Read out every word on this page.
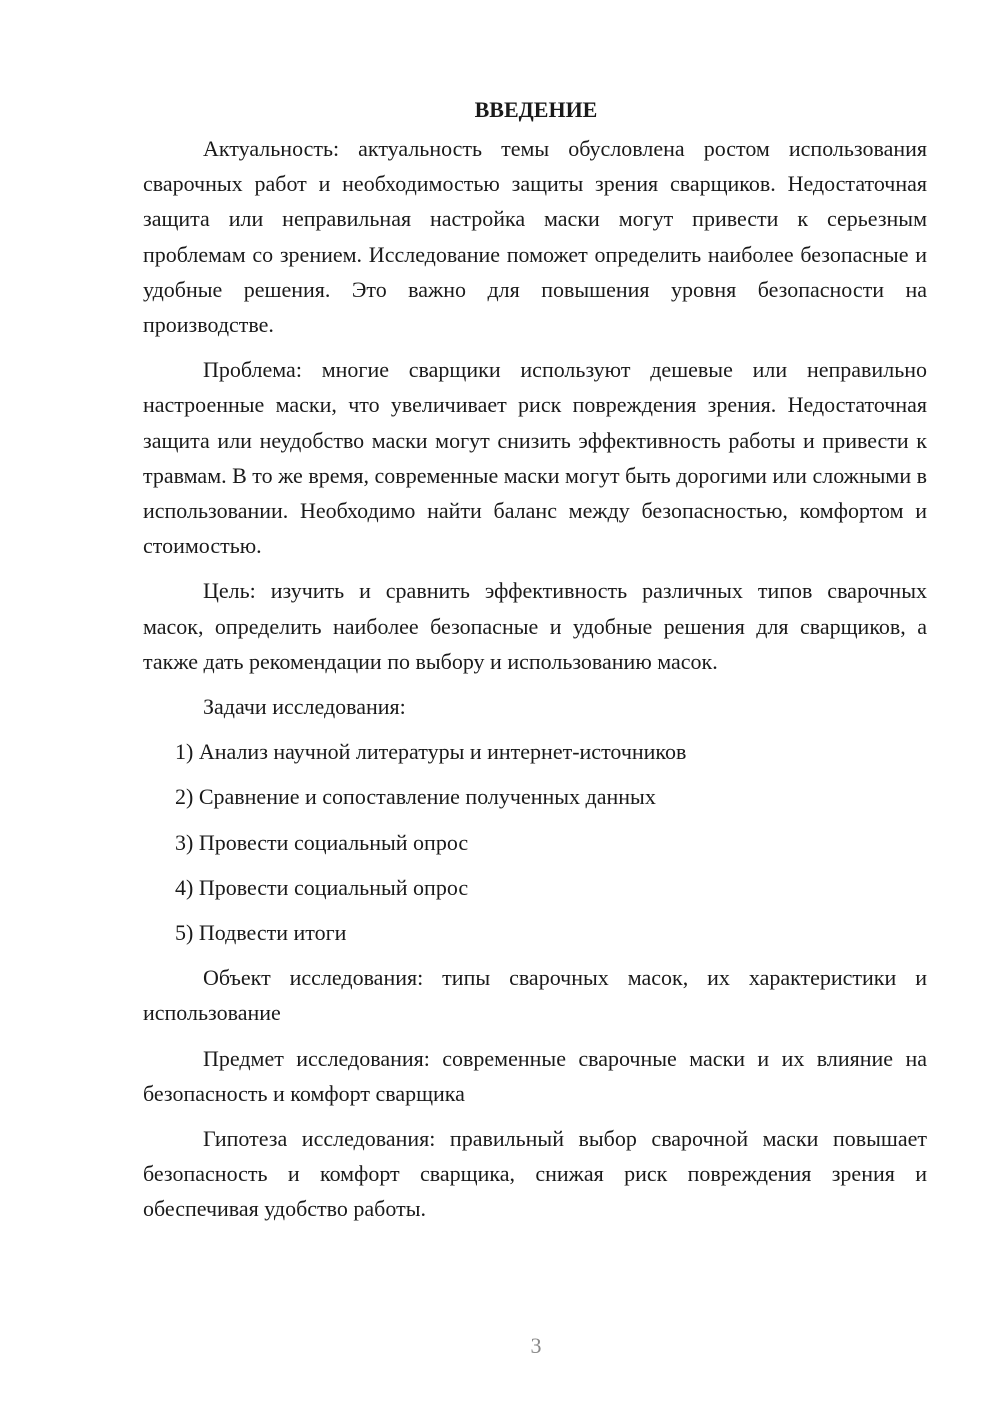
ВВЕДЕНИЕ

Актуальность: актуальность темы обусловлена ростом использования сварочных работ и необходимостью защиты зрения сварщиков. Недостаточная защита или неправильная настройка маски могут привести к серьезным проблемам со зрением. Исследование поможет определить наиболее безопасные и удобные решения. Это важно для повышения уровня безопасности на производстве.

Проблема: многие сварщики используют дешевые или неправильно настроенные маски, что увеличивает риск повреждения зрения. Недостаточная защита или неудобство маски могут снизить эффективность работы и привести к травмам. В то же время, современные маски могут быть дорогими или сложными в использовании. Необходимо найти баланс между безопасностью, комфортом и стоимостью.

Цель: изучить и сравнить эффективность различных типов сварочных масок, определить наиболее безопасные и удобные решения для сварщиков, а также дать рекомендации по выбору и использованию масок.

Задачи исследования:

1) Анализ научной литературы и интернет-источников

2) Сравнение и сопоставление полученных данных

3) Провести социальный опрос

4) Провести социальный опрос

5) Подвести итоги

Объект исследования: типы сварочных масок, их характеристики и использование

Предмет исследования: современные сварочные маски и их влияние на безопасность и комфорт сварщика

Гипотеза исследования: правильный выбор сварочной маски повышает безопасность и комфорт сварщика, снижая риск повреждения зрения и обеспечивая удобство работы.

3
